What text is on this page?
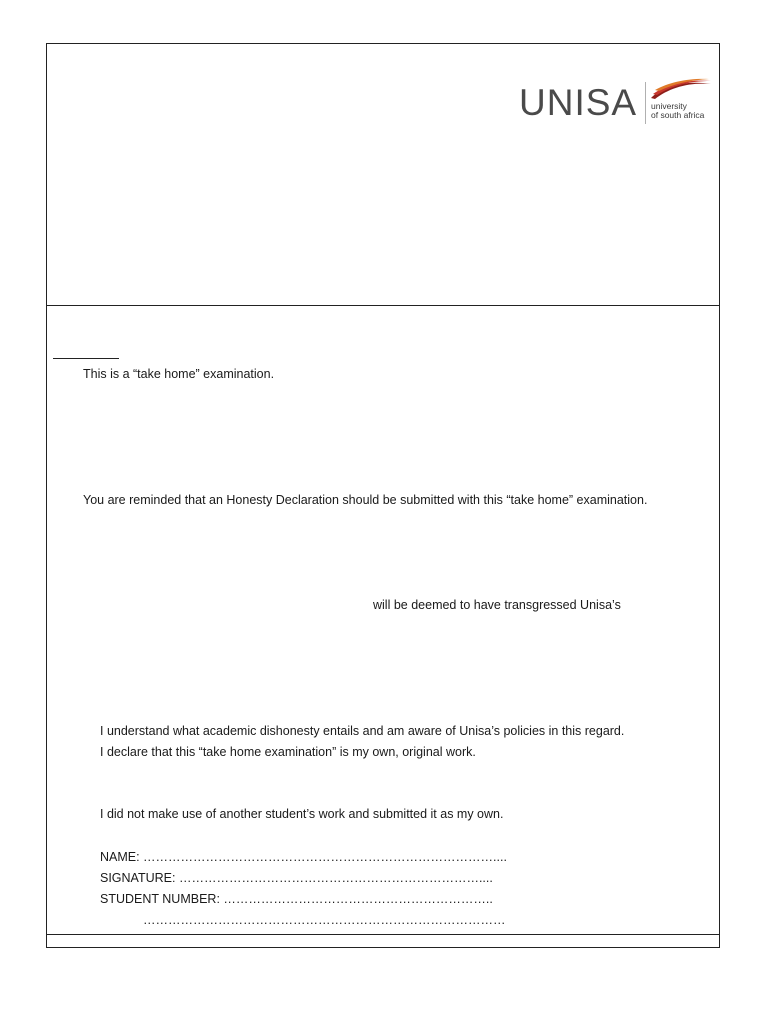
UNISA university
of south africa
This is a “take home” examination.
You are reminded that an Honesty Declaration should be submitted with this “take home” examination.
will be deemed to have transgressed Unisa’s
I understand what academic dishonesty entails and am aware of Unisa’s policies in this regard.
I declare that this “take home examination” is my own, original work.
I did not make use of another student’s work and submitted it as my own.
NAME: …………………………………………………………………………....
SIGNATURE: ………………………………………………………………....
STUDENT NUMBER: ………………………………………………………..
……………………………………………………………………………
